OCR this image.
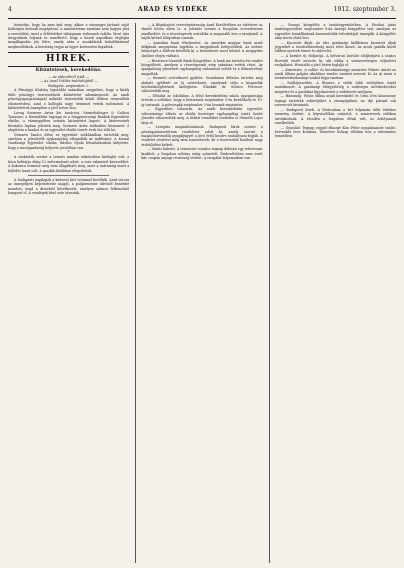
4	ARAD ÉS VIDÉKE	1912. szeptember 3.

biztosítja, hogy ha nem épít meg, akkor a vármegye járásait saját költségén tartozik megépíteni. A minisztérium azonban nem hagyta jóvá a szerződést, mert a feltételeket túlságosan terhesnek találta. Most újra tárgyalások folynak és remélhető, hogy a közeli napokban végleges megállapodás jön létre, amely után a munkálatok haladéktalanul megkezdődnek. A bizottság tagjai az ügyet kedvezően fogadták.

HÍREK.
Kitüntetések, kerekedéise.
— Az aldezékről írják —
— Az Arad Vidéke tudósítójától —

Budapest, szeptember 2.

A Pénzügyi Közlöny legutóbbi számában megjelent, hogy a király több pénzügyi tisztviselőnek kitüntetést adományozott. Az aradi pénzügyigazgatóságnál működő tisztviselők közül többen részesültek elismerésben, amit a kollegák nagy örömmel vettek tudomásul. A kitüntetettek ünneplése a jövő héten lesz.

Lovag Szemere Artur kir. tanácsos, Szemebalinger & Gulácsi Tanácsos, a főrendiházi tagsága és a Magyarországi Bankok Egyesülete elnöke, a vármegyében szintén kitüntetést kapott. A kinevezések hivatalos lapban jelentek meg. Szemere Artur működése közismert, ő alapította a bankot és az egyesület elnöki tisztét évek óta tölti be.

Nemzeti Tanács ülése az egyesület székházában tartották meg, amelyen a jelenlevők egyhangúlag elfogadták az indítványt. A Kassai Gazdasági Egyesület elnöke, Bárdos Gyula felszólalásában kifejtette, hogy a mezőgazdaság helyzete javulóban van.

*

A szakértők szerint a termés minden tekintetben kielégítő volt, a búza hektárja átlag 12 métermázsát adott, a rozs valamivel kevesebbet. A kukorica termése még nem állapítható meg, mert a szárazság miatt a fejlődés lassú volt. A gazdák általában elégedettek.

A budapesti napilapok a kedvező hírt örömmel közölték. Arad városa az ünnepélyen képviseltette magát, a polgármester üdvözlő beszédet mondott, majd a díszebéd következett, amelyen számos felköszöntő hangzott el. A vendégek késő este távoztak.

— A Bégahajózó részvénytársaság Arad Kerületében az üzletévet az elmúlt héten zárta le. A jelentés szerint a forgalom örvendetesen emelkedett, és a részvényesek osztaléka is magasabb lesz a tavalyinál. A hajók kitűnő állapotban vannak.

— Amerikai bank elhelyezése. Az amerikai magyar bank aradi fiókjának megnyitása ügyében a tárgyalások befejeződtek. Az intézet helyiségét a főtéren bérelték ki, a berendezés most készül. A megnyitás október elején várható.

— Beszterce-Naszódi Bank Közgyűlése. A bank ma tartotta évi rendes közgyűlését, amelyen a részvényesek szép számban vettek részt. Az igazgatóság jelentését egyhangúlag tudomásul vették és a felmentvényt megadták.

— Nemzeti szövetkezet gyűlése. Szombaton délután tartotta meg alakuló gyűlését az új szövetkezet, amelynek célja a kisgazdák hitelszükségletének kielégítése. Elnökké dr. Kovács Ferencet választották meg.

— Előadás az iskolában. A felső kereskedelmi iskola igazgatósága értesíti a szülőket, hogy a beiratások szeptember 5-én kezdődnek és 10-ig tartanak. A pótvizsgák szeptember 3-án lesznek megtartva.

— Egyesületi választás. Az aradi kereskedelmi egyesület választmányi ülésén az elnöki tisztségre egyhangúlag ismét Szabó Józsefet választották meg. A titkári teendőket továbbra is Németh Lajos látja el.

— Leveglas magánhivatalnok. Budapesti hírek szerint a pénzügyminisztérium rendeletet adott ki, amely szerint a magántisztviselők nyugdíjügyét a jövő évtől kezdve szabályozni fogják. A rendelet részletei még nem ismeretesek, de a tisztviselők körében nagy érdeklődést keltett.

— Vasúti baleset. A temesvári vonalon tegnap délután egy tehervonat kisiklott, a forgalom néhány óráig szünetelt. Emberéletben nem esett kár, csupán anyagi veszteség történt. A vizsgálat folyamatban van.

— Ünnepi közgyűlés a tanítóegyesületben. A Pécskai járás tanítóegyesülete szeptember 8-án ünnepi közgyűlést tart, amelyen az egyesület fennállásának huszonötödik évfordulóját ünneplik. A közgyűlés után közös ebéd lesz.

— Kiosztott díjak. Az idei gazdasági kiállításon kiosztott díjak jegyzékét a rendezőbizottság most tette közzé. Az aradi gazdák közül többen nyertek érmet és oklevelet.

— A kerület új elöljárója. A belvárosi kerület elöljárójává a tanács Horváth Imrét nevezte ki, aki eddig a számvevőségen teljesített szolgálatot. Hivatalát a jövő héten foglalja el.

— Kinevezés. A vallás- és közoktatásügyi miniszter Fekete Antalt az aradi állami polgári iskolához rendes tanárrá nevezte ki. Az új tanár a természettudományi szakot fogja tanítani.

— Szöllőpusztítás. A filoxera a vidék több szőlőjében ismét mutatkozott. A gazdasági felügyelőség a szükséges intézkedéseket megtette és a gazdákat figyelmezteti a védekezés módjaira.

— Házasság. Weisz Miksa aradi kereskedő és Grün Irén kisasszony tegnap tartották esküvőjüket a zsinagógában. Az ifjú párnak sok szerencsét kívánunk.

— Budapesti hírek. A fővárosban a hét folyamán több érdekes esemény történt. A képviselőház szünetel, a miniszterek vidéken tartózkodnak. A tőzsdén a forgalom élénk volt, az árfolyamok emelkedtek.

— Gyászhír. Tegnap reggel elhunyt Kiss Péter nyugalmazott tanító, hetvenkét éves korában. Temetése holnap délután lesz a református temetőben.
